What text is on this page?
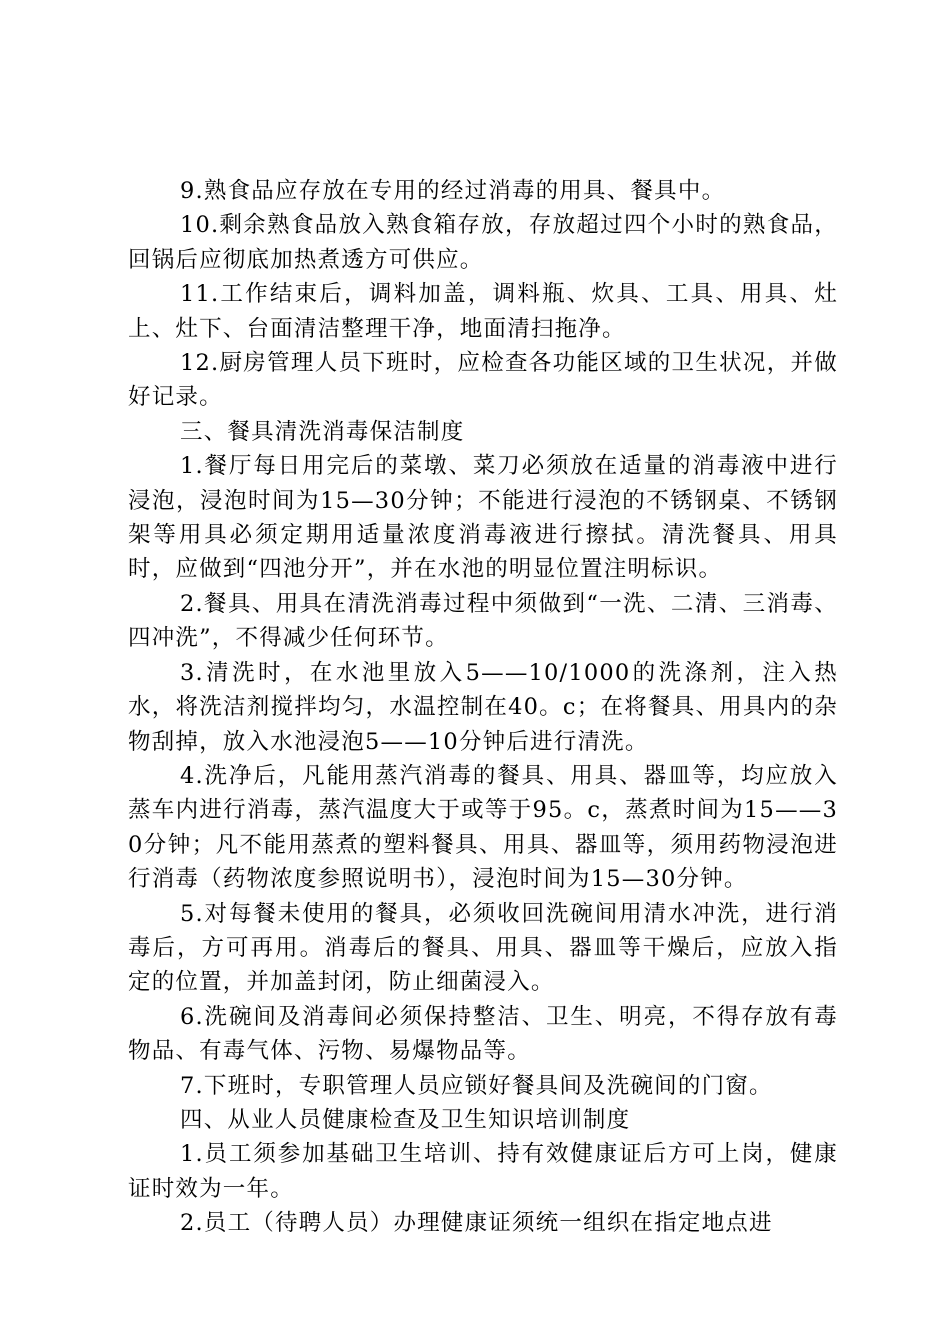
9.熟食品应存放在专用的经过消毒的用具、餐具中。

10.剩余熟食品放入熟食箱存放，存放超过四个小时的熟食品，回锅后应彻底加热煮透方可供应。

11.工作结束后，调料加盖，调料瓶、炊具、工具、用具、灶上、灶下、台面清洁整理干净，地面清扫拖净。

12.厨房管理人员下班时，应检查各功能区域的卫生状况，并做好记录。

三、餐具清洗消毒保洁制度

1.餐厅每日用完后的菜墩、菜刀必须放在适量的消毒液中进行浸泡，浸泡时间为15—30分钟；不能进行浸泡的不锈钢桌、不锈钢架等用具必须定期用适量浓度消毒液进行擦拭。清洗餐具、用具时，应做到“四池分开”，并在水池的明显位置注明标识。

2.餐具、用具在清洗消毒过程中须做到“一洗、二清、三消毒、四冲洗”，不得减少任何环节。

3.清洗时，在水池里放入5——10/1000的洗涤剂，注入热水，将洗洁剂搅拌均匀，水温控制在40。c；在将餐具、用具内的杂物刮掉，放入水池浸泡5——10分钟后进行清洗。

4.洗净后，凡能用蒸汽消毒的餐具、用具、器皿等，均应放入蒸车内进行消毒，蒸汽温度大于或等于95。c，蒸煮时间为15——30分钟；凡不能用蒸煮的塑料餐具、用具、器皿等，须用药物浸泡进行消毒（药物浓度参照说明书），浸泡时间为15—30分钟。

5.对每餐未使用的餐具，必须收回洗碗间用清水冲洗，进行消毒后，方可再用。消毒后的餐具、用具、器皿等干燥后，应放入指定的位置，并加盖封闭，防止细菌浸入。

6.洗碗间及消毒间必须保持整洁、卫生、明亮，不得存放有毒物品、有毒气体、污物、易爆物品等。

7.下班时，专职管理人员应锁好餐具间及洗碗间的门窗。

四、从业人员健康检查及卫生知识培训制度

1.员工须参加基础卫生培训、持有效健康证后方可上岗，健康证时效为一年。

2.员工（待聘人员）办理健康证须统一组织在指定地点进
